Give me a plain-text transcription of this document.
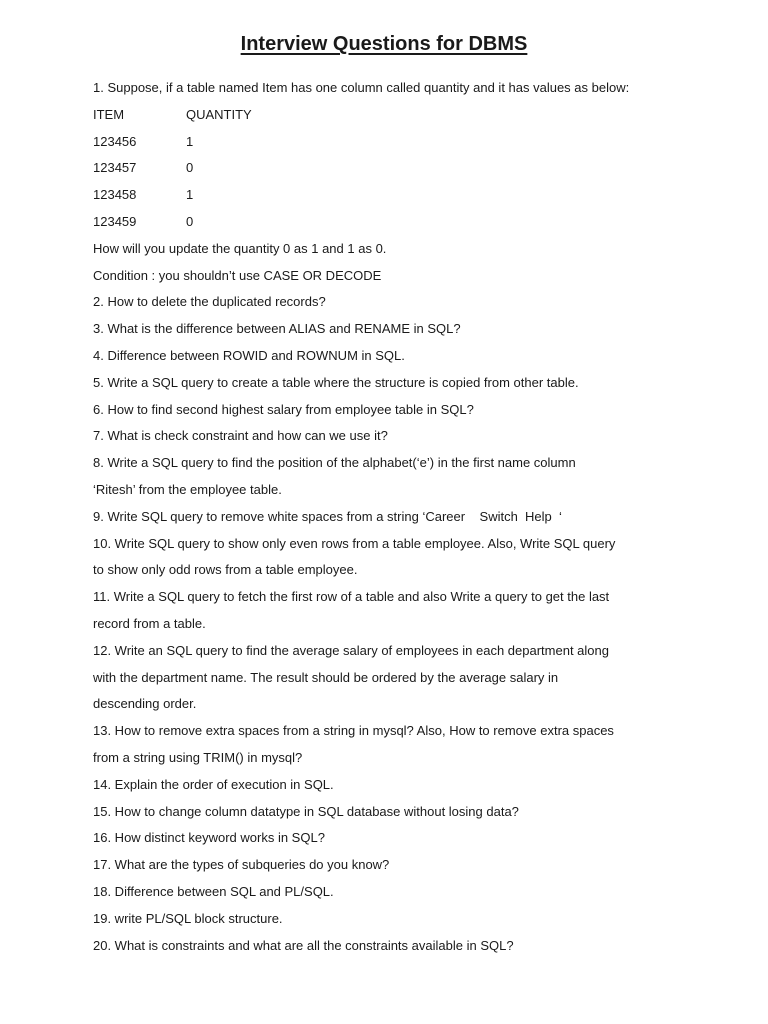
Interview Questions for DBMS
1. Suppose, if a table named Item has one column called quantity and it has values as below:
ITEM	QUANTITY
123456	1
123457	0
123458	1
123459	0
How will you update the quantity 0 as 1 and 1 as 0.
Condition : you shouldn’t use CASE OR DECODE
2. How to delete the duplicated records?
3. What is the difference between ALIAS and RENAME in SQL?
4. Difference between ROWID and ROWNUM in SQL.
5. Write a SQL query to create a table where the structure is copied from other table.
6. How to find second highest salary from employee table in SQL?
7. What is check constraint and how can we use it?
8. Write a SQL query to find the position of the alphabet(‘e’) in the first name column
‘Ritesh’ from the employee table.
9. Write SQL query to remove white spaces from a string ‘Career    Switch  Help  ‘
10. Write SQL query to show only even rows from a table employee. Also, Write SQL query
to show only odd rows from a table employee.
11. Write a SQL query to fetch the first row of a table and also Write a query to get the last
record from a table.
12. Write an SQL query to find the average salary of employees in each department along
with the department name. The result should be ordered by the average salary in
descending order.
13. How to remove extra spaces from a string in mysql? Also, How to remove extra spaces
from a string using TRIM() in mysql?
14. Explain the order of execution in SQL.
15. How to change column datatype in SQL database without losing data?
16. How distinct keyword works in SQL?
17. What are the types of subqueries do you know?
18. Difference between SQL and PL/SQL.
19. write PL/SQL block structure.
20. What is constraints and what are all the constraints available in SQL?
